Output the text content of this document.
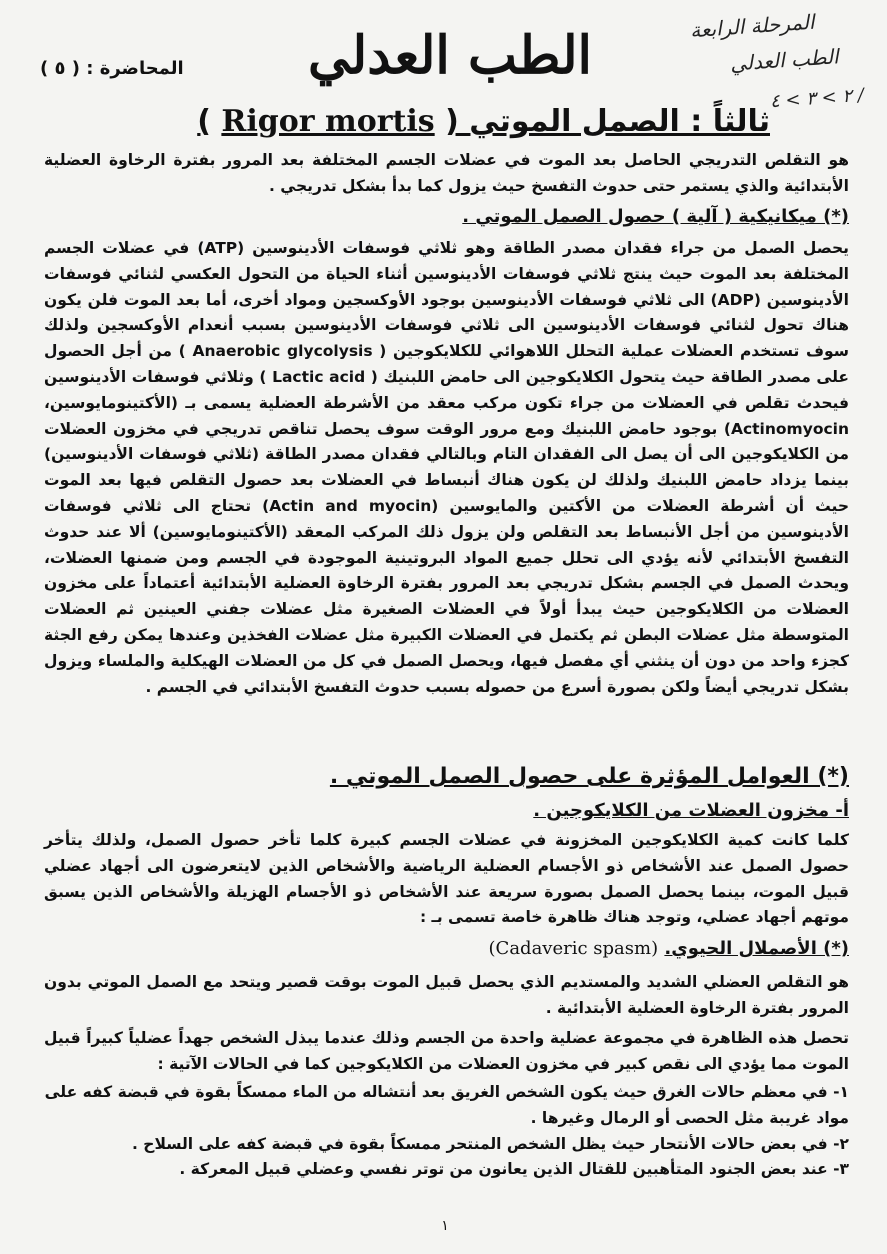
المحاضرة : ( ٥ )	الطب العدلي	المرحلة الرابعة
الطب العدلي
٢ > ٣ > ٤ /
ثالثاً : الصمل الموتي ( Rigor mortis )
هو التقلص التدريجي الحاصل بعد الموت في عضلات الجسم المختلفة بعد المرور بفترة الرخاوة العضلية الأبتدائية والذي يستمر حتى حدوث التفسخ حيث يزول كما بدأ بشكل تدريجي .
(*) ميكانيكية ( آلية ) حصول الصمل الموتي .
يحصل الصمل من جراء فقدان مصدر الطاقة وهو ثلاثي فوسفات الأدينوسين (ATP) في عضلات الجسم المختلفة بعد الموت حيث ينتج ثلاثي فوسفات الأدينوسين أثناء الحياة من التحول العكسي لثنائي فوسفات الأدينوسين (ADP) الى ثلاثي فوسفات الأدينوسين بوجود الأوكسجين ومواد أخرى، أما بعد الموت فلن يكون هناك تحول لثنائي فوسفات الأدينوسين الى ثلاثي فوسفات الأدينوسين بسبب أنعدام الأوكسجين ولذلك سوف تستخدم العضلات عملية التحلل اللاهوائي للكلايكوجين ( Anaerobic glycolysis ) من أجل الحصول على مصدر الطاقة حيث يتحول الكلايكوجين الى حامض اللبنيك ( Lactic acid ) وثلاثي فوسفات الأدينوسين فيحدث تقلص في العضلات من جراء تكون مركب معقد من الأشرطة العضلية يسمى بـ (الأكتينومايوسين، Actinomyocin) بوجود حامض اللبنيك ومع مرور الوقت سوف يحصل تناقص تدريجي في مخزون العضلات من الكلايكوجين الى أن يصل الى الفقدان التام وبالتالي فقدان مصدر الطاقة (ثلاثي فوسفات الأدينوسين) بينما يزداد حامض اللبنيك ولذلك لن يكون هناك أنبساط في العضلات بعد حصول التقلص فيها بعد الموت حيث أن أشرطة العضلات من الأكتين والمايوسين (Actin and myocin) تحتاج الى ثلاثي فوسفات الأدينوسين من أجل الأنبساط بعد التقلص ولن يزول ذلك المركب المعقد (الأكتينومايوسين) ألا عند حدوث التفسخ الأبتدائي لأنه يؤدي الى تحلل جميع المواد البروتينية الموجودة في الجسم ومن ضمنها العضلات، ويحدث الصمل في الجسم بشكل تدريجي بعد المرور بفترة الرخاوة العضلية الأبتدائية أعتماداً على مخزون العضلات من الكلايكوجين حيث يبدأ أولاً في العضلات الصغيرة مثل عضلات جفني العينين ثم العضلات المتوسطة مثل عضلات البطن ثم يكتمل في العضلات الكبيرة مثل عضلات الفخذين وعندها يمكن رفع الجثة كجزء واحد من دون أن ينثني أي مفصل فيها، ويحصل الصمل في كل من العضلات الهيكلية والملساء ويزول بشكل تدريجي أيضاً ولكن بصورة أسرع من حصوله بسبب حدوث التفسخ الأبتدائي في الجسم .
(*) العوامل المؤثرة على حصول الصمل الموتي .
أ- مخزون العضلات من الكلايكوجين .
كلما كانت كمية الكلايكوجين المخزونة في عضلات الجسم كبيرة كلما تأخر حصول الصمل، ولذلك يتأخر حصول الصمل عند الأشخاص ذو الأجسام العضلية الرياضية والأشخاص الذين لايتعرضون الى أجهاد عضلي قبيل الموت، بينما يحصل الصمل بصورة سريعة عند الأشخاص ذو الأجسام الهزيلة والأشخاص الذين يسبق موتهم أجهاد عضلي، وتوجد هناك ظاهرة خاصة تسمى بـ :
(*) الأصملال الحيوي. (Cadaveric spasm)
هو التقلص العضلي الشديد والمستديم الذي يحصل قبيل الموت بوقت قصير ويتحد مع الصمل الموتي بدون المرور بفترة الرخاوة العضلية الأبتدائية .
تحصل هذه الظاهرة في مجموعة عضلية واحدة من الجسم وذلك عندما يبذل الشخص جهداً عضلياً كبيراً قبيل الموت مما يؤدي الى نقص كبير في مخزون العضلات من الكلايكوجين كما في الحالات الآتية :
١- في معظم حالات الغرق حيث يكون الشخص الغريق بعد أنتشاله من الماء ممسكاً بقوة في قبضة كفه على مواد غريبة مثل الحصى أو الرمال وغيرها .
٢- في بعض حالات الأنتحار حيث يظل الشخص المنتحر ممسكاً بقوة في قبضة كفه على السلاح .
٣- عند بعض الجنود المتأهبين للقتال الذين يعانون من توتر نفسي وعضلي قبيل المعركة .
١
